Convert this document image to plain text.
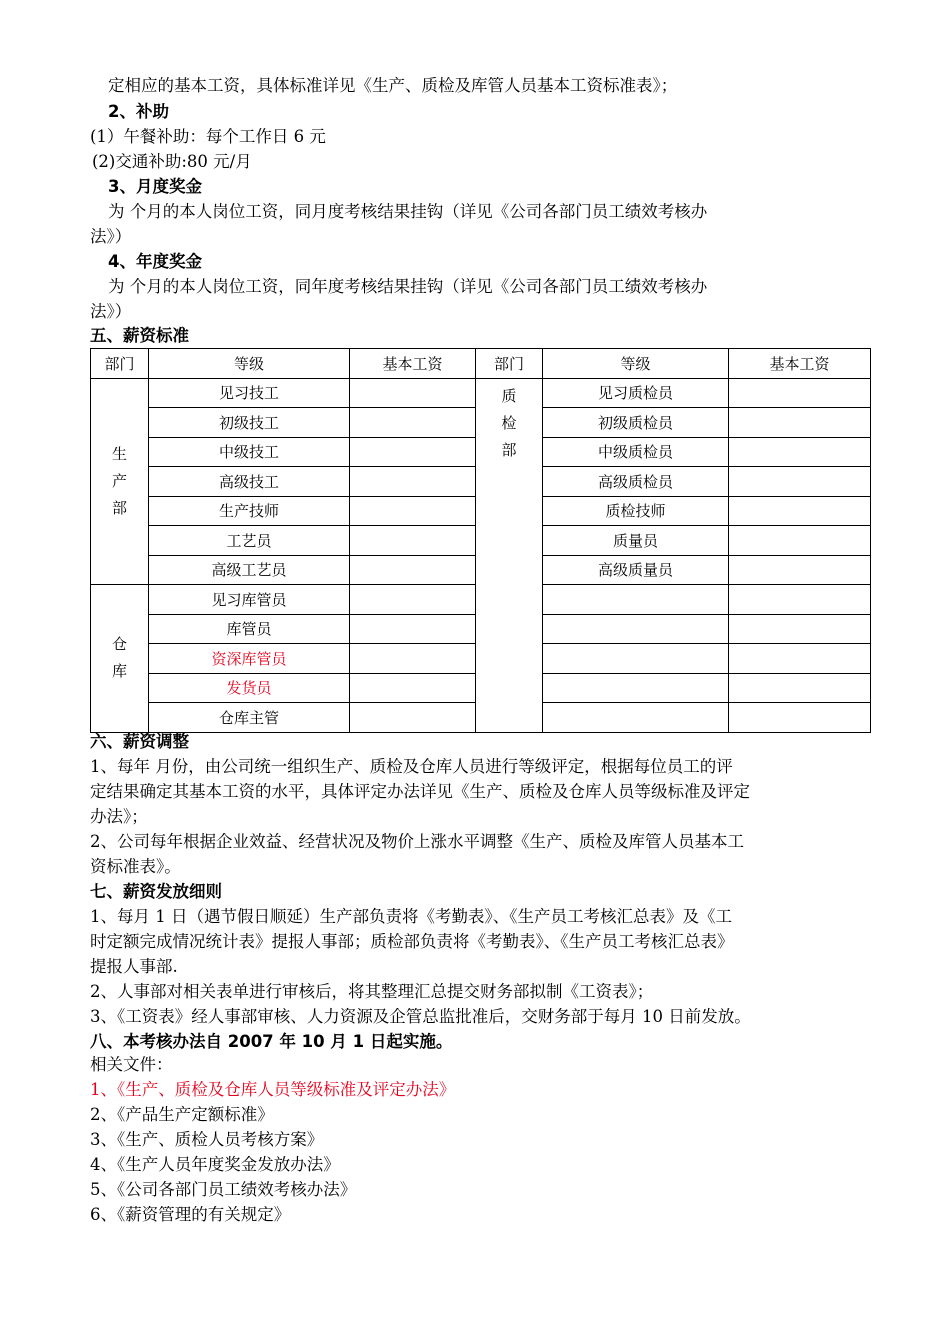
定相应的基本工资，具体标准详见《生产、质检及库管人员基本工资标准表》；
2、补助
(1）午餐补助：每个工作日 6 元
(2)交通补助:80 元/月
3、月度奖金
为 个月的本人岗位工资，同月度考核结果挂钩（详见《公司各部门员工绩效考核办
法》）
4、年度奖金
为 个月的本人岗位工资，同年度考核结果挂钩（详见《公司各部门员工绩效考核办
法》）
五、薪资标准
部门	等级	基本工资	部门	等级	基本工资
生产部	见习技工		质检部	见习质检员	
	初级技工			初级质检员	
	中级技工			中级质检员	
	高级技工			高级质检员	
	生产技师			质检技师	
	工艺员			质量员	
	高级工艺员			高级质量员	
仓库	见习库管员				
	库管员				
	资深库管员				
	发货员				
	仓库主管				
六、薪资调整
1、每年 月份，由公司统一组织生产、质检及仓库人员进行等级评定，根据每位员工的评
定结果确定其基本工资的水平，具体评定办法详见《生产、质检及仓库人员等级标准及评定
办法》；
2、公司每年根据企业效益、经营状况及物价上涨水平调整《生产、质检及库管人员基本工
资标准表》。
七、薪资发放细则
1、每月 1 日（遇节假日顺延）生产部负责将《考勤表》、《生产员工考核汇总表》及《工
时定额完成情况统计表》提报人事部；质检部负责将《考勤表》、《生产员工考核汇总表》
提报人事部.
2、人事部对相关表单进行审核后，将其整理汇总提交财务部拟制《工资表》；
3、《工资表》经人事部审核、人力资源及企管总监批准后，交财务部于每月 10 日前发放。
八、本考核办法自 2007 年 10 月 1 日起实施。
相关文件：
1、《生产、质检及仓库人员等级标准及评定办法》
2、《产品生产定额标准》
3、《生产、质检人员考核方案》
4、《生产人员年度奖金发放办法》
5、《公司各部门员工绩效考核办法》
6、《薪资管理的有关规定》
